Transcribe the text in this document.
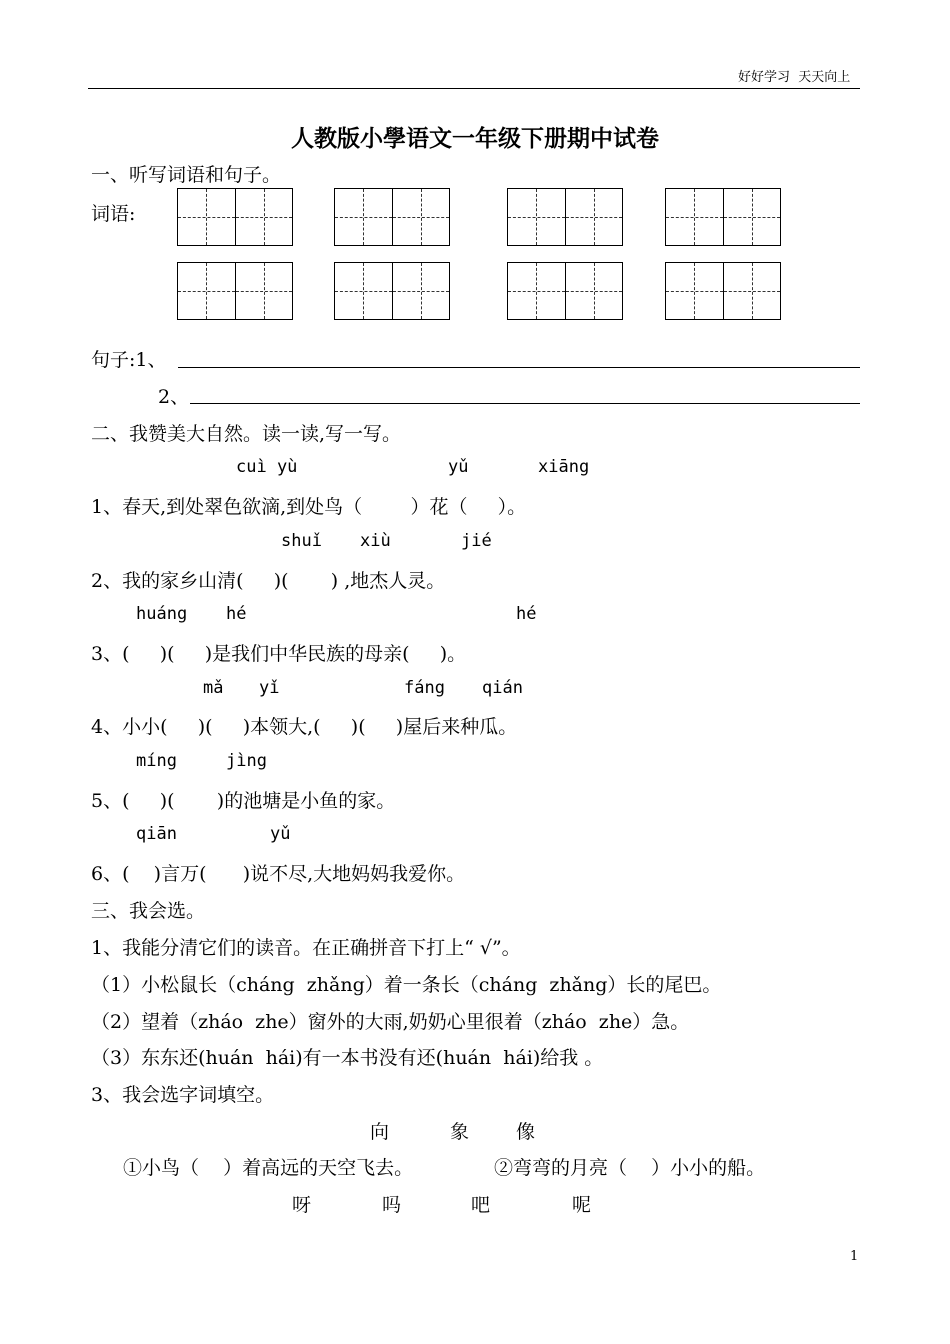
好好学习  天天向上
人教版小學语文一年级下册期中试卷
一、听写词语和句子。
词语:
句子:1、
2、
二、我赞美大自然。读一读,写一写。
cuì yù	yǔ	xiāng
1、春天,到处翠色欲滴,到处鸟（        ）花（     ）。
shuǐ xiù	jié
2、我的家乡山清(     )(       ) ,地杰人灵。
huáng hé	hé
3、(     )(     )是我们中华民族的母亲(     )。
mǎ yǐ	fáng qián
4、小小(     )(     )本领大,(     )(     )屋后来种瓜。
míng	jìng
5、(     )(       )的池塘是小鱼的家。
qiān	yǔ
6、(    )言万(      )说不尽,大地妈妈我爱你。
三、我会选。
1、我能分清它们的读音。在正确拼音下打上“ √”。
（1）小松鼠长（cháng  zhǎng）着一条长（cháng  zhǎng）长的尾巴。
（2）望着（zháo  zhe）窗外的大雨,奶奶心里很着（zháo  zhe）急。
（3）东东还(huán  hái)有一本书没有还(huán  hái)给我 。
3、我会选字词填空。
向	象 像
①小鸟（    ）着高远的天空飞去。	②弯弯的月亮（    ）小小的船。
呀	吗	吧	呢
1
